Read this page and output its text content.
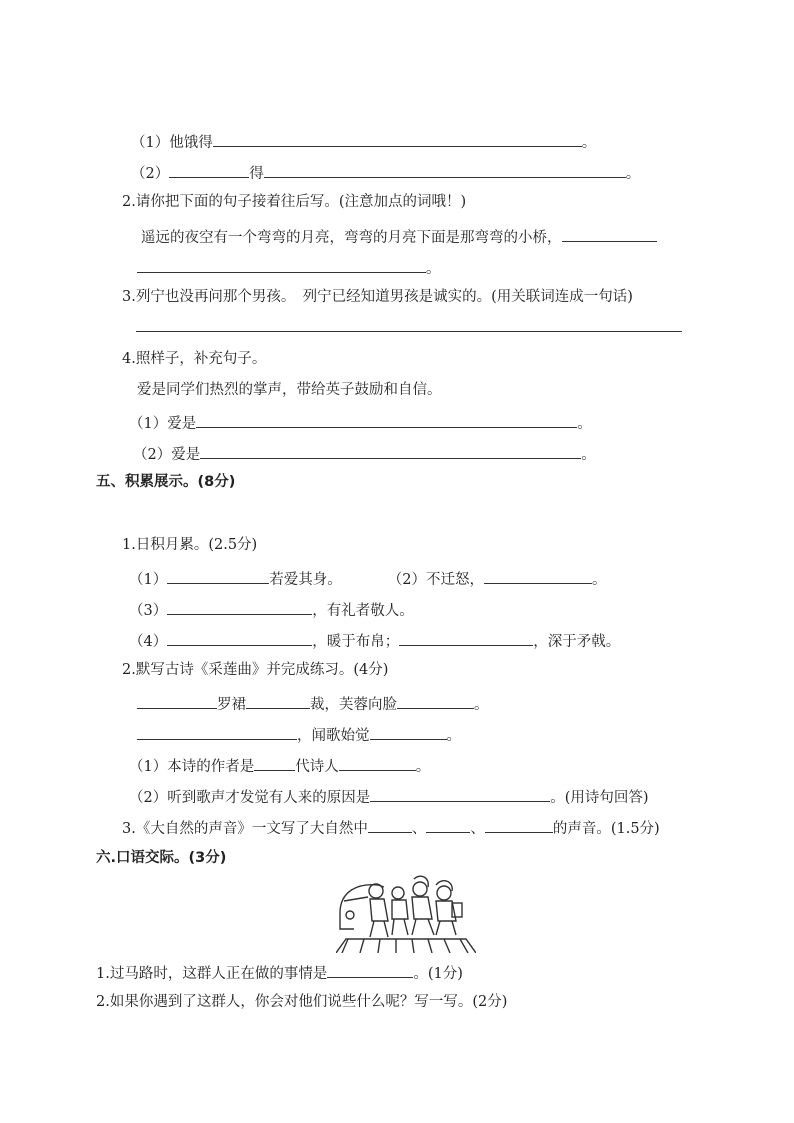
（1）他饿得	。
（2）	得	。
2.请你把下面的句子接着往后写。(注意加点的词哦！)
遥远的夜空有一个弯弯的月亮，弯弯的月亮下面是那弯弯的小桥，
。
3.列宁也没再问那个男孩。　列宁已经知道男孩是诚实的。(用关联词连成一句话)
4.照样子，补充句子。
爱是同学们热烈的掌声，带给英子鼓励和自信。
（1）爱是	。
（2）爱是	。
五、积累展示。(8分)
1.日积月累。(2.5分)
（1）	若爱其身。	（2）不迁怒，	。
（3）	，有礼者敬人。
（4）	，暖于布帛；	，深于矛戟。
2.默写古诗《采莲曲》并完成练习。(4分)
罗裙	裁，芙蓉向脸	。
，闻歌始觉	。
（1）本诗的作者是	代诗人	。
（2）听到歌声才发觉有人来的原因是	。(用诗句回答)
3.《大自然的声音》一文写了大自然中	、	、	的声音。(1.5分)
六.口语交际。(3分)
1.过马路时，这群人正在做的事情是	。(1分)
2.如果你遇到了这群人，你会对他们说些什么呢？写一写。(2分)
